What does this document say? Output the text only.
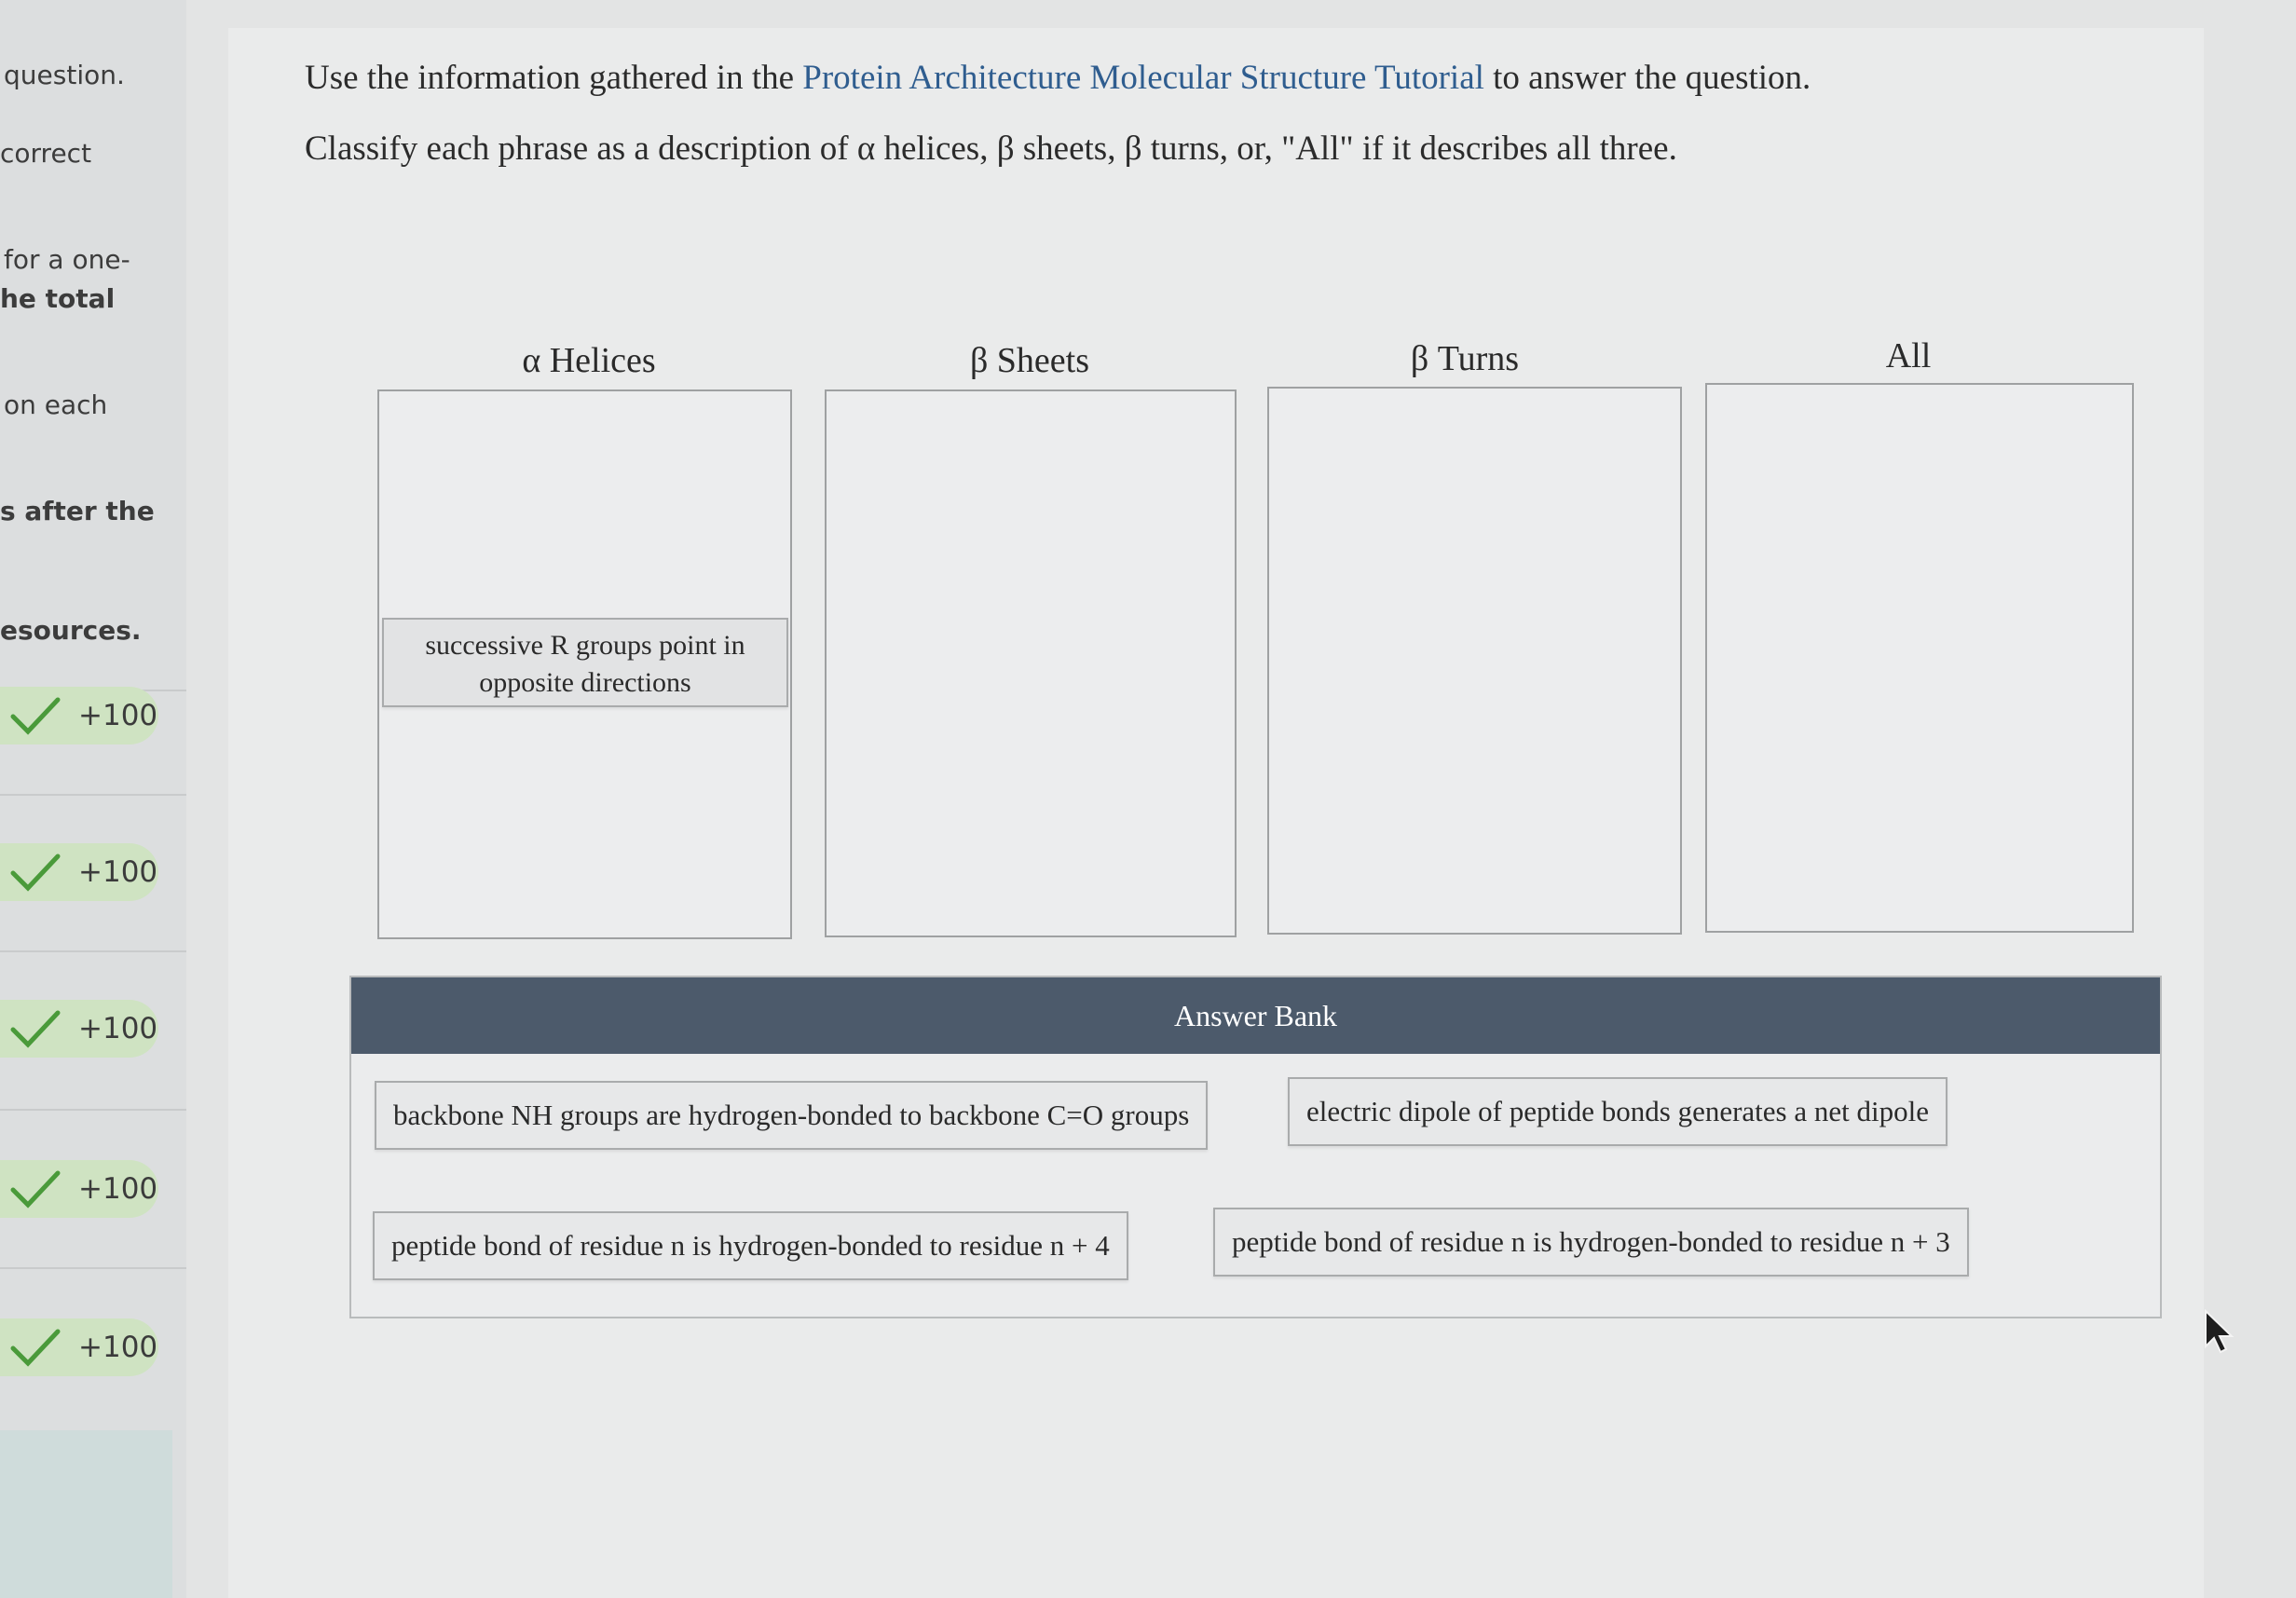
question.
correct
for a one-
he total
on each
s after the
esources.
+100
+100
+100
+100
+100
Use the information gathered in the Protein Architecture Molecular Structure Tutorial to answer the question.
Classify each phrase as a description of α helices, β sheets, β turns, or, "All" if it describes all three.
α Helices	β Sheets	β Turns	All
successive R groups point in opposite directions
Answer Bank
backbone NH groups are hydrogen-bonded to backbone C=O groups	electric dipole of peptide bonds generates a net dipole
peptide bond of residue n is hydrogen-bonded to residue n + 4	peptide bond of residue n is hydrogen-bonded to residue n + 3
